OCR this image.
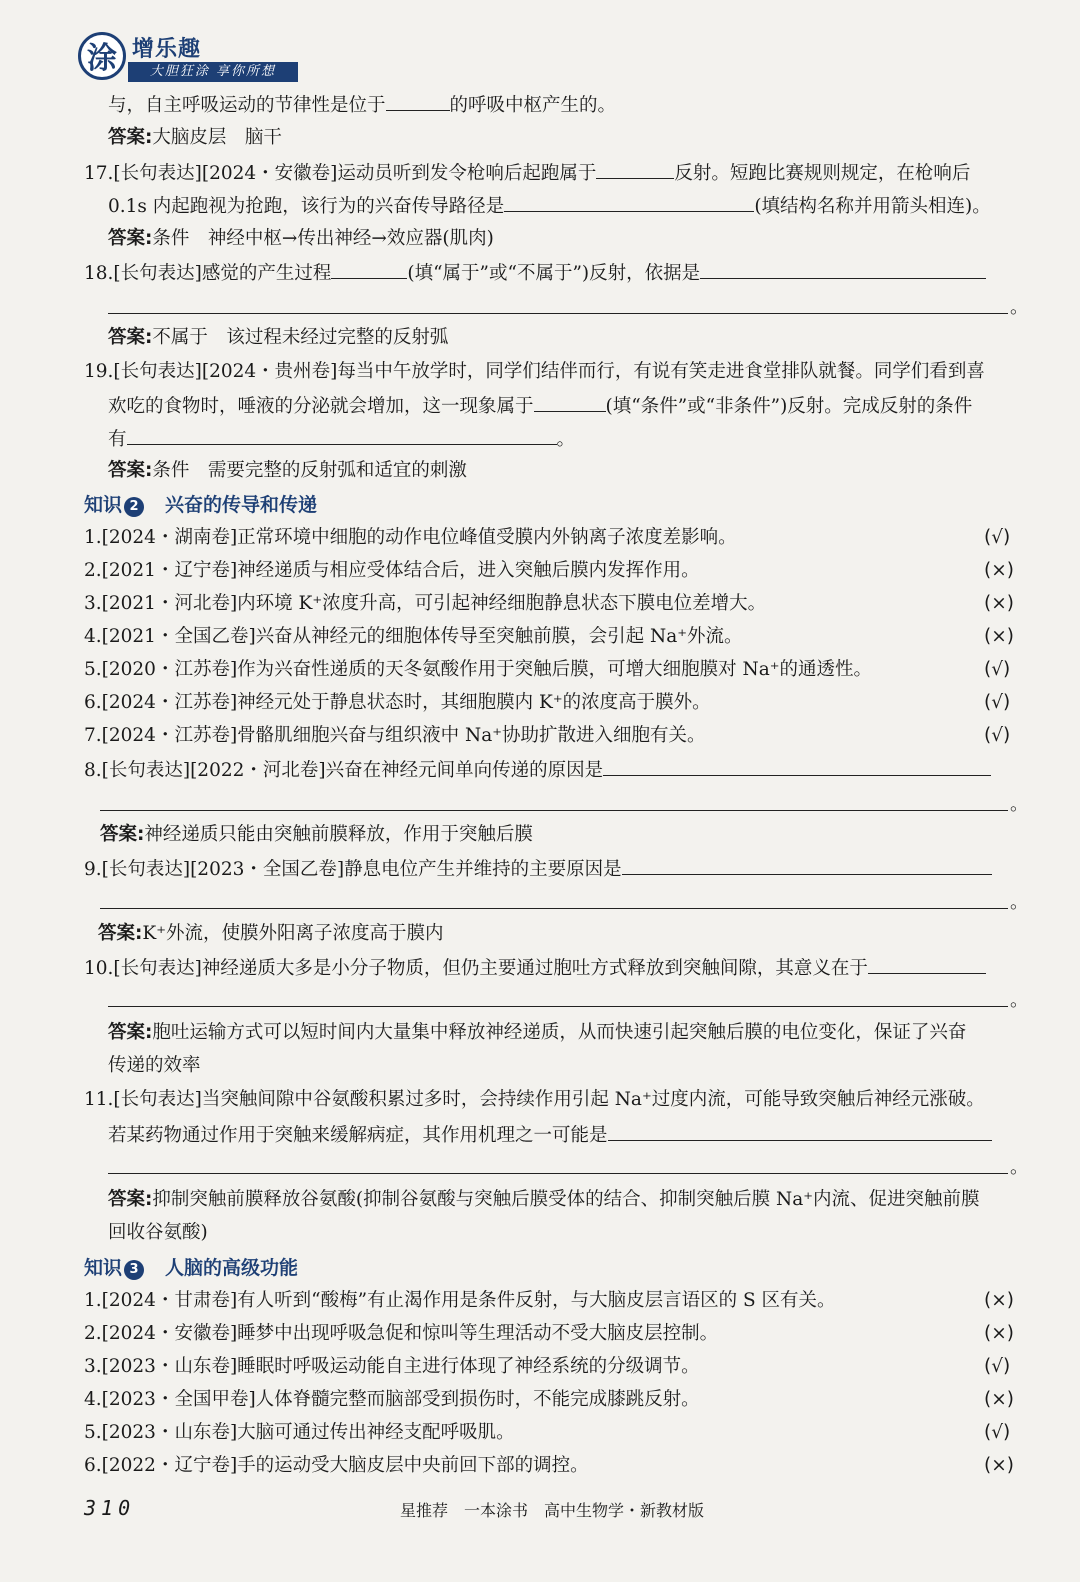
涂 增乐趣
大胆狂涂 享你所想
与，自主呼吸运动的节律性是位于	的呼吸中枢产生的。
答案:大脑皮层　脑干
17.[长句表达][2024・安徽卷]运动员听到发令枪响后起跑属于	反射。短跑比赛规则规定，在枪响后
0.1s 内起跑视为抢跑，该行为的兴奋传导路径是	(填结构名称并用箭头相连)。
答案:条件　神经中枢→传出神经→效应器(肌肉)
18.[长句表达]感觉的产生过程	(填“属于”或“不属于”)反射，依据是
。
答案:不属于　该过程未经过完整的反射弧
19.[长句表达][2024・贵州卷]每当中午放学时，同学们结伴而行，有说有笑走进食堂排队就餐。同学们看到喜
欢吃的食物时，唾液的分泌就会增加，这一现象属于	(填“条件”或“非条件”)反射。完成反射的条件
有	。
答案:条件　需要完整的反射弧和适宜的刺激
知识 2　 兴奋的传导和传递
1.[2024・湖南卷]正常环境中细胞的动作电位峰值受膜内外钠离子浓度差影响。	(√)
2.[2021・辽宁卷]神经递质与相应受体结合后，进入突触后膜内发挥作用。	(×)
3.[2021・河北卷]内环境 K⁺浓度升高，可引起神经细胞静息状态下膜电位差增大。	(×)
4.[2021・全国乙卷]兴奋从神经元的细胞体传导至突触前膜，会引起 Na⁺外流。	(×)
5.[2020・江苏卷]作为兴奋性递质的天冬氨酸作用于突触后膜，可增大细胞膜对 Na⁺的通透性。	(√)
6.[2024・江苏卷]神经元处于静息状态时，其细胞膜内 K⁺的浓度高于膜外。	(√)
7.[2024・江苏卷]骨骼肌细胞兴奋与组织液中 Na⁺协助扩散进入细胞有关。	(√)
8.[长句表达][2022・河北卷]兴奋在神经元间单向传递的原因是
。
答案:神经递质只能由突触前膜释放，作用于突触后膜
9.[长句表达][2023・全国乙卷]静息电位产生并维持的主要原因是
。
答案:K⁺外流，使膜外阳离子浓度高于膜内
10.[长句表达]神经递质大多是小分子物质，但仍主要通过胞吐方式释放到突触间隙，其意义在于
。
答案:胞吐运输方式可以短时间内大量集中释放神经递质，从而快速引起突触后膜的电位变化，保证了兴奋
传递的效率
11.[长句表达]当突触间隙中谷氨酸积累过多时，会持续作用引起 Na⁺过度内流，可能导致突触后神经元涨破。
若某药物通过作用于突触来缓解病症，其作用机理之一可能是
。
答案:抑制突触前膜释放谷氨酸(抑制谷氨酸与突触后膜受体的结合、抑制突触后膜 Na⁺内流、促进突触前膜
回收谷氨酸)
知识 3　 人脑的高级功能
1.[2024・甘肃卷]有人听到“酸梅”有止渴作用是条件反射，与大脑皮层言语区的 S 区有关。	(×)
2.[2024・安徽卷]睡梦中出现呼吸急促和惊叫等生理活动不受大脑皮层控制。	(×)
3.[2023・山东卷]睡眠时呼吸运动能自主进行体现了神经系统的分级调节。	(√)
4.[2023・全国甲卷]人体脊髓完整而脑部受到损伤时，不能完成膝跳反射。	(×)
5.[2023・山东卷]大脑可通过传出神经支配呼吸肌。	(√)
6.[2022・辽宁卷]手的运动受大脑皮层中央前回下部的调控。	(×)
310	星推荐　一本涂书　高中生物学・新教材版
